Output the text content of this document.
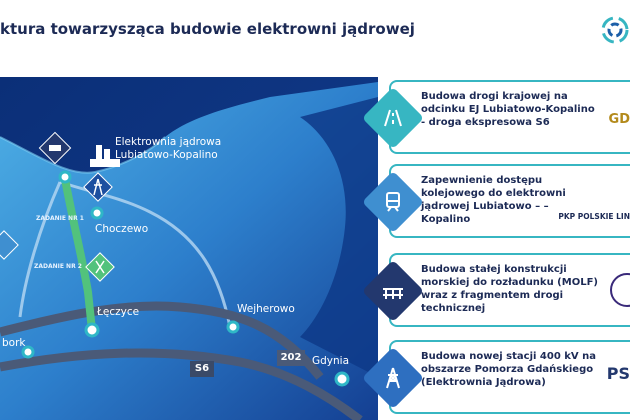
ktura towarzysząca budowie elektrowni jądrowej
Elektrownia jądrowa
Lubiatowo-Kopalino
ZADANIE NR 1
ZADANIE NR 2
Choczewo
Łęczyce	Wejherowo
Gdynia
bork
S6
202
Budowa drogi krajowej na odcinku EJ Lubiatowo-Kopalino - droga ekspresowa S6	GD
Zapewnienie dostępu kolejowego do elektrowni jądrowej Lubiatowo – – Kopalino	PKP POLSKIE LIN
Budowa stałej konstrukcji morskiej do rozładunku (MOLF) wraz z fragmentem drogi technicznej
Budowa nowej stacji 400 kV na obszarze Pomorza Gdańskiego (Elektrownia Jądrowa)	PS
